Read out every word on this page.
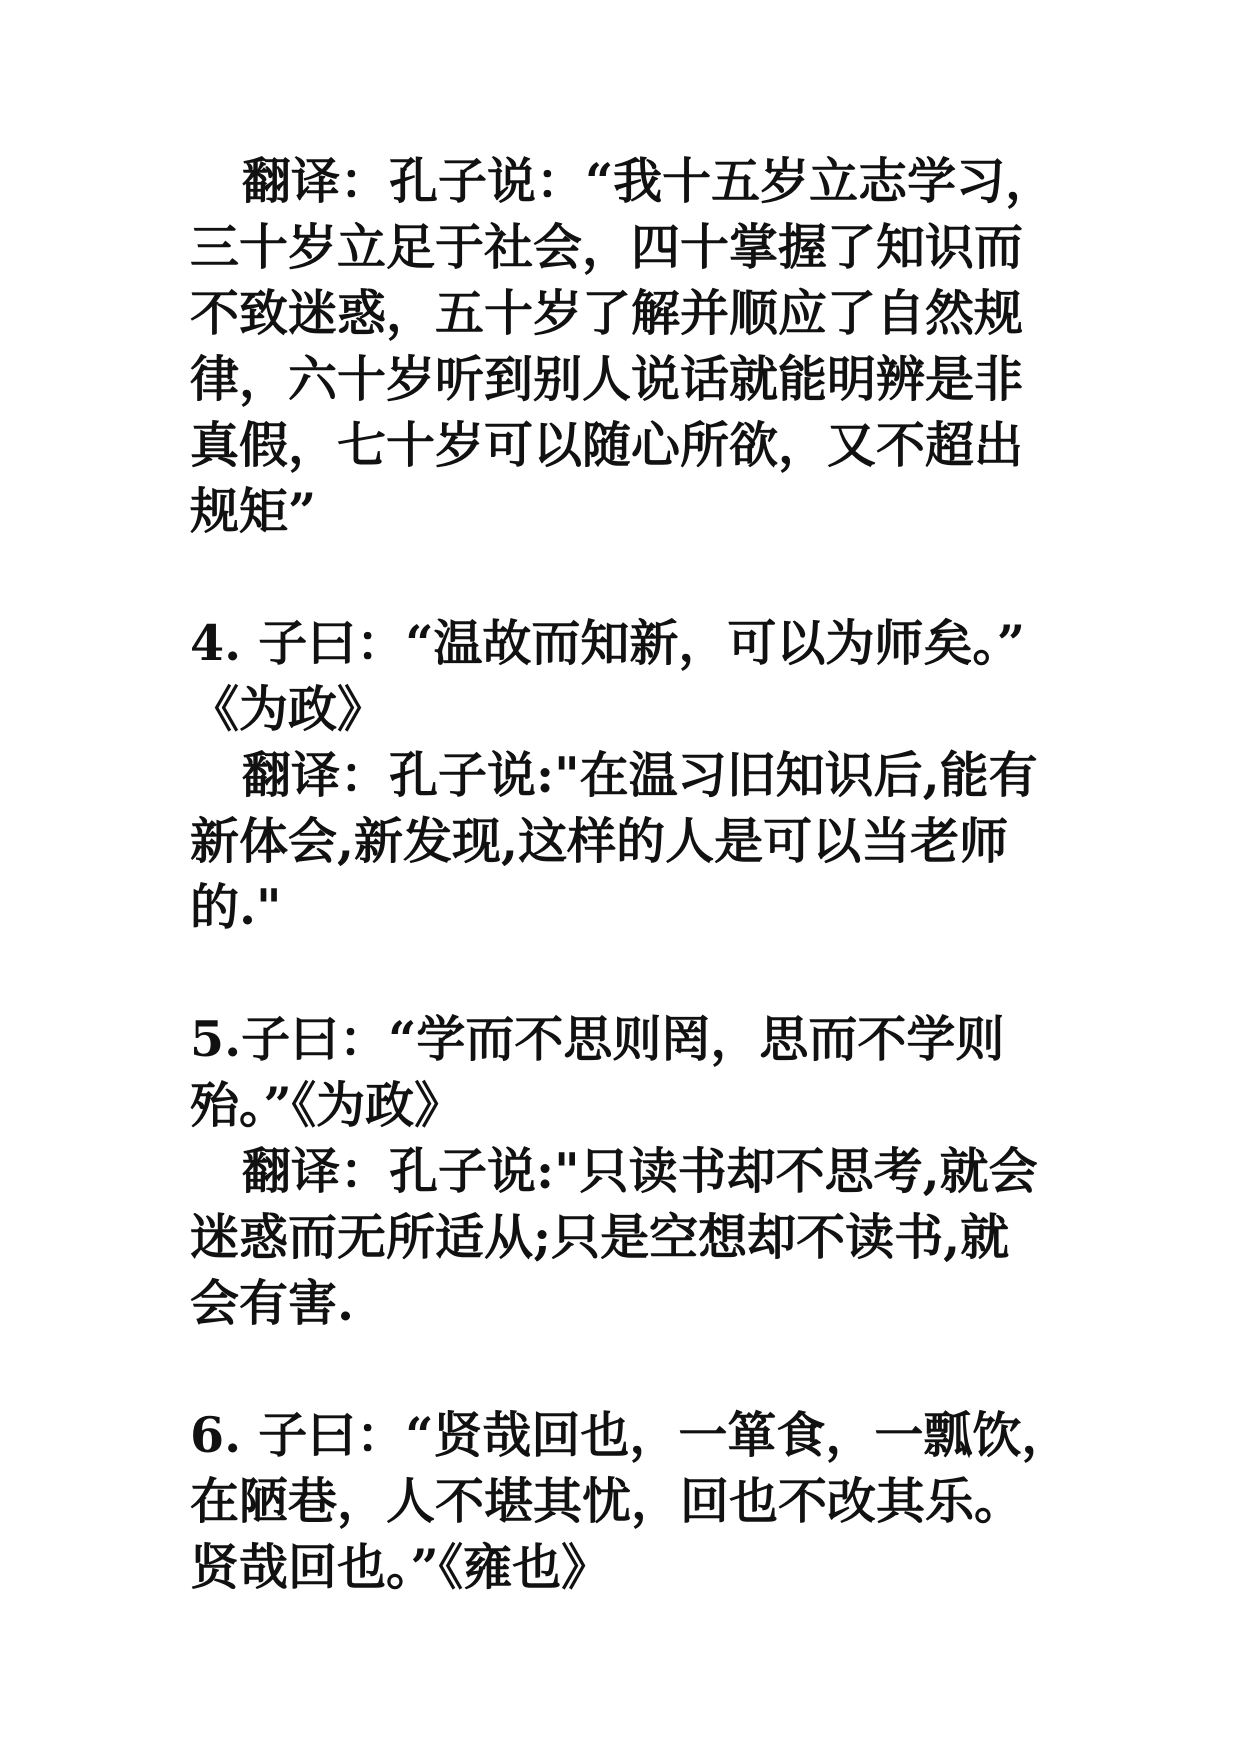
翻译：孔子说：“我十五岁立志学习，
三十岁立足于社会，四十掌握了知识而
不致迷惑，五十岁了解并顺应了自然规
律，六十岁听到别人说话就能明辨是非
真假，七十岁可以随心所欲，又不超出
规矩”
4. 子曰：“温故而知新，可以为师矣。”
《为政》
翻译：孔子说:"在温习旧知识后,能有
新体会,新发现,这样的人是可以当老师
的."
5.子曰：“学而不思则罔，思而不学则
殆。”《为政》
翻译：孔子说:"只读书却不思考,就会
迷惑而无所适从;只是空想却不读书,就
会有害.
6. 子曰：“贤哉回也，一箪食，一瓢饮，
在陋巷，人不堪其忧，回也不改其乐。
贤哉回也。”《雍也》
